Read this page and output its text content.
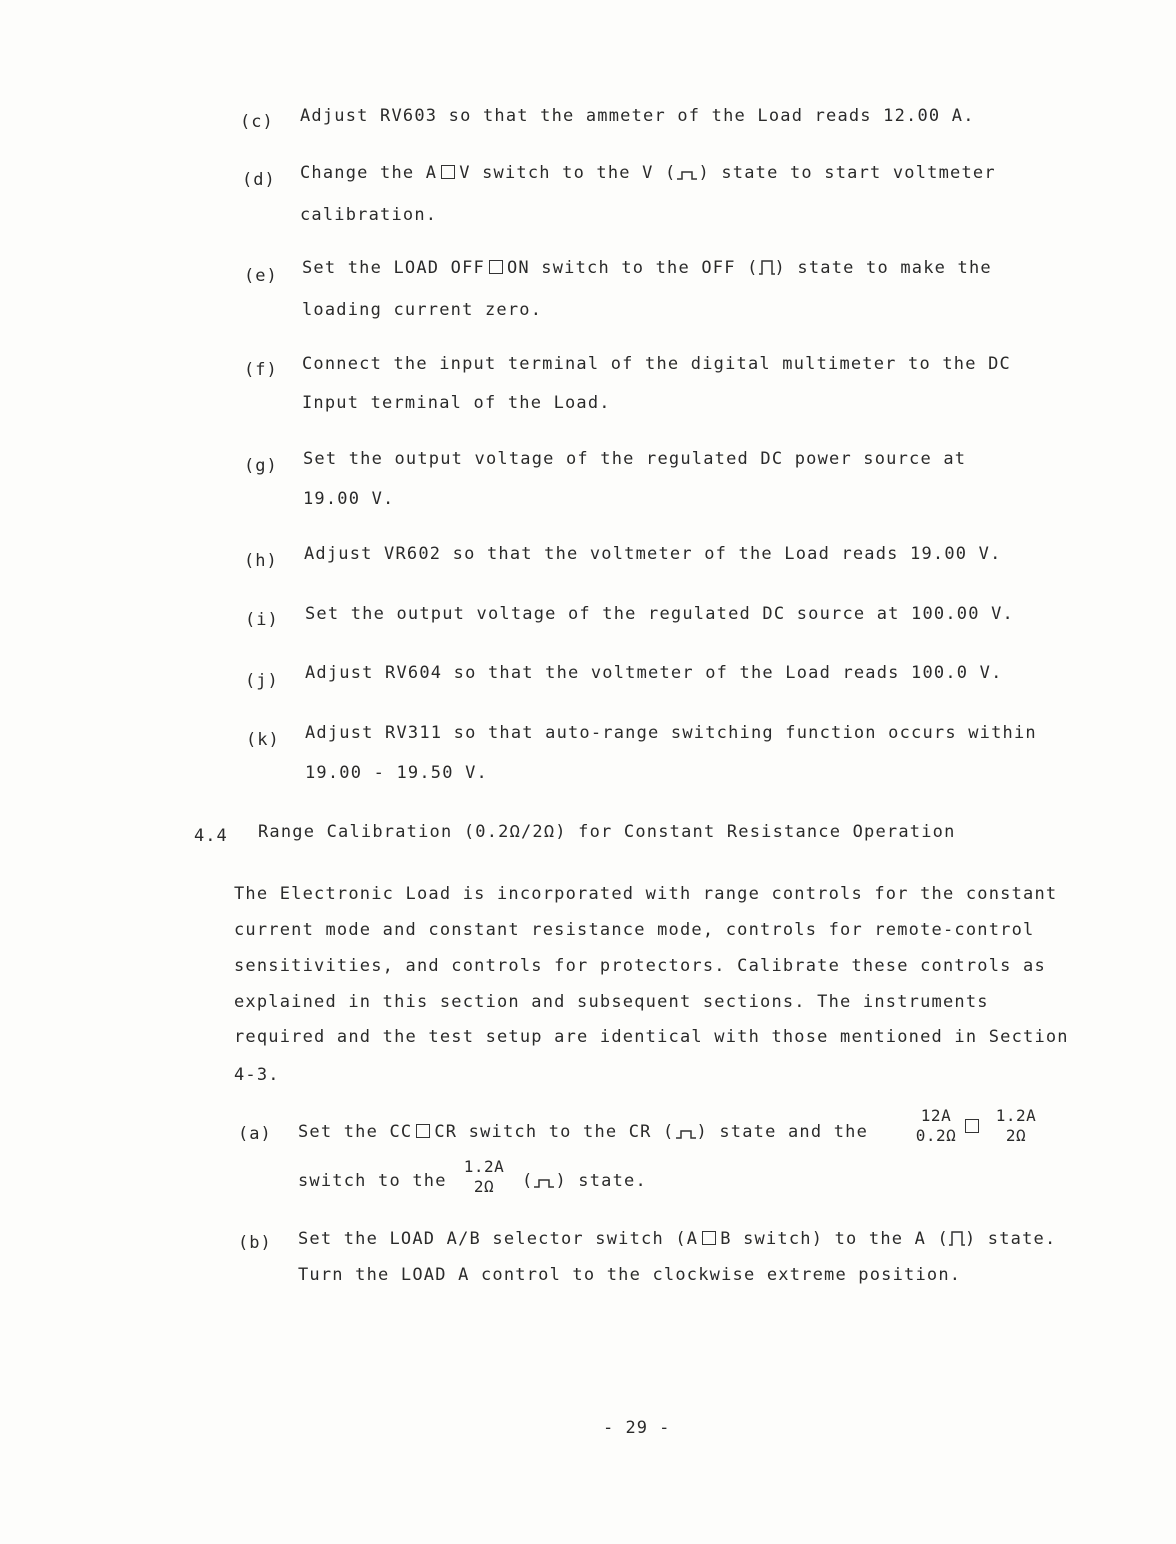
(c) Adjust RV603 so that the ammeter of the Load reads 12.00 A.
(d) Change the A V switch to the V ( ) state to start voltmeter
calibration.
(e) Set the LOAD OFF ON switch to the OFF ( ) state to make the
loading current zero.
(f) Connect the input terminal of the digital multimeter to the DC
Input terminal of the Load.
(g) Set the output voltage of the regulated DC power source at
19.00 V.
(h) Adjust VR602 so that the voltmeter of the Load reads 19.00 V.
(i) Set the output voltage of the regulated DC source at 100.00 V.
(j) Adjust RV604 so that the voltmeter of the Load reads 100.0 V.
(k) Adjust RV311 so that auto-range switching function occurs within
19.00 - 19.50 V.
4.4 Range Calibration (0.2Ω/2Ω) for Constant Resistance Operation
The Electronic Load is incorporated with range controls for the constant
current mode and constant resistance mode, controls for remote-control
sensitivities, and controls for protectors. Calibrate these controls as
explained in this section and subsequent sections. The instruments
required and the test setup are identical with those mentioned in Section
4-3.
(a) Set the CC CR switch to the CR ( ) state and the
12A
0.2Ω
1.2A
2Ω
switch to the
1.2A
2Ω	( ) state.
(b) Set the LOAD A/B selector switch (A B switch) to the A ( ) state.
Turn the LOAD A control to the clockwise extreme position.
- 29 -
